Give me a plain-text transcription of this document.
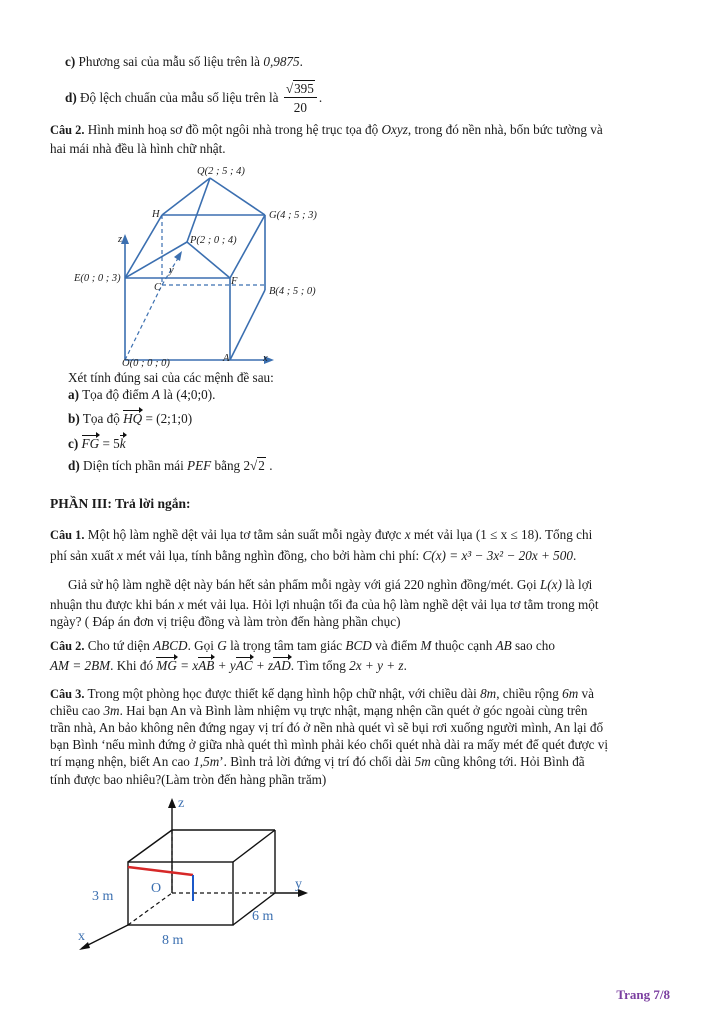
c) Phương sai của mẫu số liệu trên là 0,9875.
d) Độ lệch chuẩn của mẫu số liệu trên là $\frac{√395}{20}$ .
Câu 2. Hình minh hoạ sơ đồ một ngôi nhà trong hệ trục tọa độ Oxyz, trong đó nền nhà, bốn bức tường và
hai mái nhà đều là hình chữ nhật.
Q(2 ; 5 ; 4)
H	G(4 ; 5 ; 3)
P(2 ; 0 ; 4)
z
y
E(0 ; 0 ; 3)
C
F
B(4 ; 5 ; 0)
O(0 ; 0 ; 0)	A	x
Xét tính đúng sai của các mệnh đề sau:
a) Tọa độ điểm A là (4;0;0).
b) Tọa độ HQ = (2;1;0)
c) FG = 5k
d) Diện tích phần mái PEF bằng 2√2 .
PHẦN III: Trả lời ngắn:
Câu 1. Một hộ làm nghề dệt vải lụa tơ tằm sản suất mỗi ngày được x mét vải lụa (1 ≤ x ≤ 18). Tổng chi
phí sản xuất x mét vải lụa, tính bằng nghìn đồng, cho bởi hàm chi phí: C(x) = x³ − 3x² − 20x + 500.
Giả sử hộ làm nghề dệt này bán hết sản phẩm mỗi ngày với giá 220 nghìn đồng/mét. Gọi L(x) là lợi
nhuận thu được khi bán x mét vải lụa. Hỏi lợi nhuận tối đa của hộ làm nghề dệt vải lụa tơ tằm trong một
ngày? ( Đáp án đơn vị triệu đồng và làm tròn đến hàng phần chục)
Câu 2. Cho tứ diện ABCD. Gọi G là trọng tâm tam giác BCD và điểm M thuộc cạnh AB sao cho
AM = 2BM. Khi đó MG = xAB + yAC + zAD. Tìm tổng 2x + y + z.
Câu 3. Trong một phòng học được thiết kế dạng hình hộp chữ nhật, với chiều dài 8m, chiều rộng 6m và
chiều cao 3m. Hai bạn An và Bình làm nhiệm vụ trực nhật, mạng nhện cần quét ở góc ngoài cùng trên
trần nhà, An bảo không nên đứng ngay vị trí đó ở nền nhà quét vì sẽ bụi rơi xuống người mình, An lại đố
bạn Bình ‘nếu mình đứng ở giữa nhà quét thì mình phải kéo chổi quét nhà dài ra mấy mét để quét được vị
trí mạng nhện, biết An cao 1,5m’. Bình trả lời đứng vị trí đó chổi dài 5m cũng không tới. Hỏi Bình đã
tính được bao nhiêu?(Làm tròn đến hàng phần trăm)
z
y
x
O
3 m
6 m
8 m
Trang 7/8
